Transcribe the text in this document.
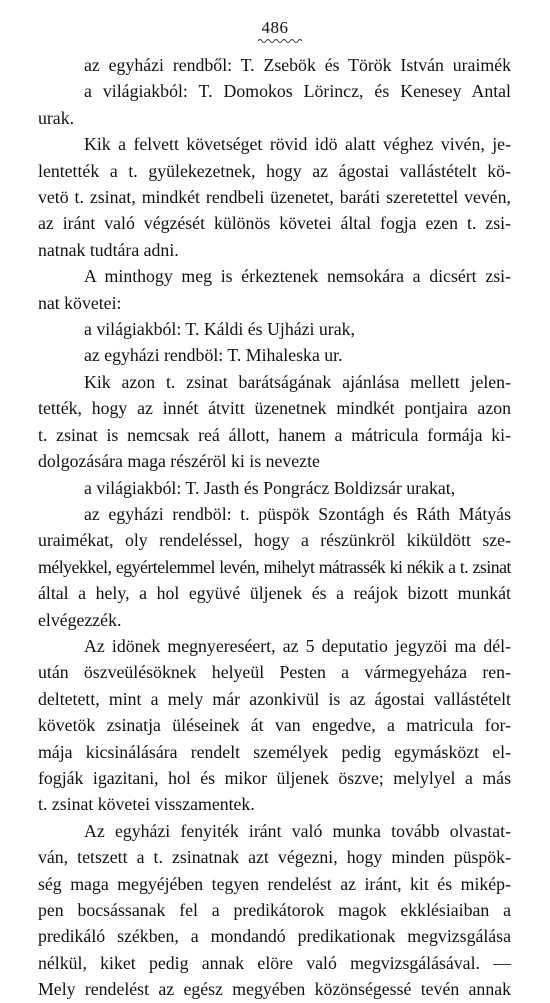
486
az egyházi rendből: T. Zsebök és Török István uraimék
a világiakból: T. Domokos Lörincz, és Kenesey Antal
urak.
Kik a felvett követséget rövid idö alatt véghez vivén, je-
lentették a t. gyülekezetnek, hogy az ágostai vallástételt kö-
vetö t. zsinat, mindkét rendbeli üzenetet, baráti szeretettel vevén,
az iránt való végzését különös követei által fogja ezen t. zsi-
natnak tudtára adni.
A minthogy meg is érkeztenek nemsokára a dicsért zsi-
nat követei:
a világiakból: T. Káldi és Ujházi urak,
az egyházi rendböl: T. Mihaleska ur.
Kik azon t. zsinat barátságának ajánlása mellett jelen-
tették, hogy az innét átvitt üzenetnek mindkét pontjaira azon
t. zsinat is nemcsak reá állott, hanem a mátricula formája ki-
dolgozására maga részéröl ki is nevezte
a világiakból: T. Jasth és Pongrácz Boldizsár urakat,
az egyházi rendböl: t. püspök Szontágh és Ráth Mátyás
uraimékat, oly rendeléssel, hogy a részünkröl kiküldött sze-
mélyekkel, egyértelemmel levén, mihelyt mátrassék ki nékik a t. zsinat
által a hely, a hol együvé üljenek és a reájok bizott munkát
elvégezzék.
Az idönek megnyereséert, az 5 deputatio jegyzöi ma dél-
után öszveülésöknek helyeül Pesten a vármegyeháza ren-
deltetett, mint a mely már azonkivül is az ágostai vallástételt
követök zsinatja üléseinek át van engedve, a matricula for-
mája kicsinálására rendelt személyek pedig egymásközt el-
fogják igazitani, hol és mikor üljenek öszve; melylyel a más
t. zsinat követei visszamentek.
Az egyházi fenyiték iránt való munka tovább olvastat-
ván, tetszett a t. zsinatnak azt végezni, hogy minden püspök-
ség maga megyéjében tegyen rendelést az iránt, kit és mikép-
pen bocsássanak fel a predikátorok magok ekklésiaiban a
predikáló székben, a mondandó predikationak megvizsgálása
nélkül, kiket pedig annak elöre való megvizsgálásával. —
Mely rendelést az egész megyében közönségessé tevén annak
